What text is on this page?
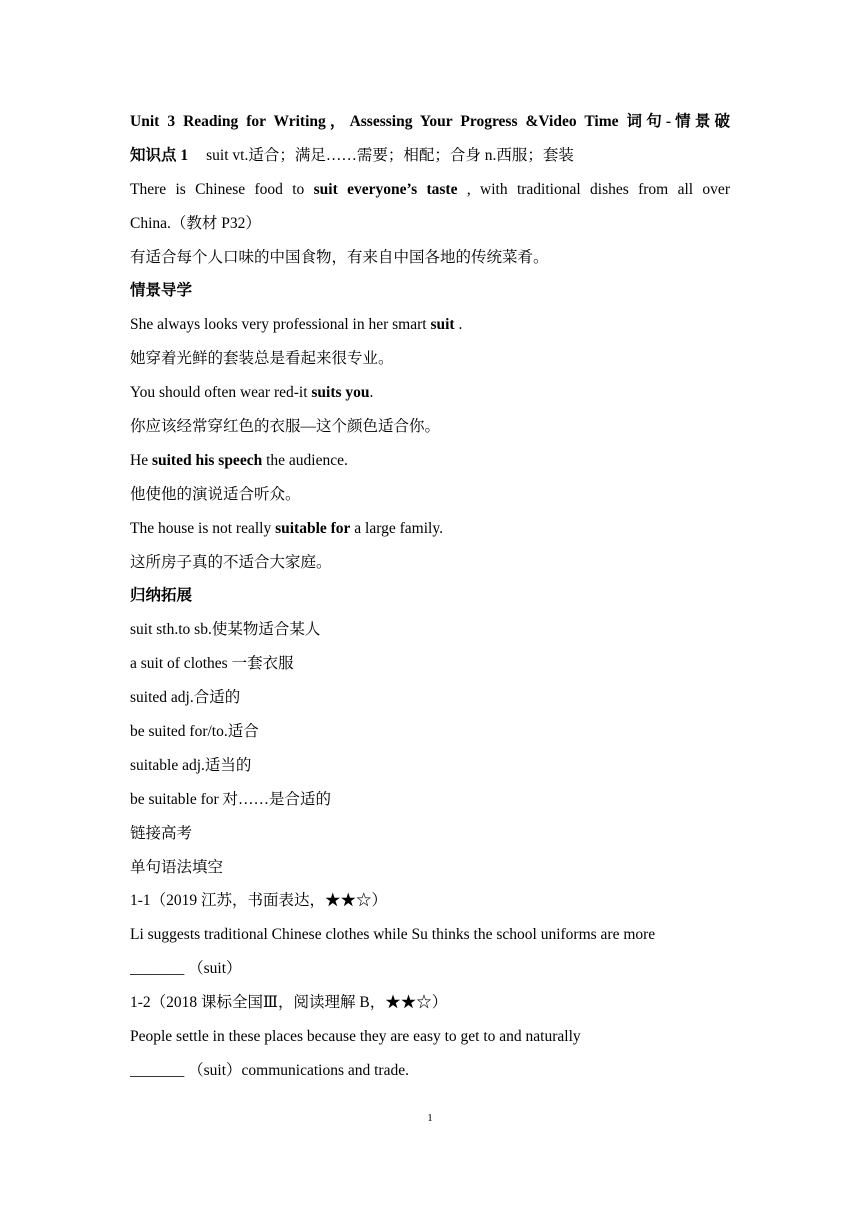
Unit 3 Reading for Writing，Assessing Your Progress &Video Time 词句-情景破
知识点 1 suit vt.适合；满足……需要；相配；合身 n.西服；套装
There is Chinese food to suit everyone’s taste , with traditional dishes from all over
China.（教材 P32）
有适合每个人口味的中国食物，有来自中国各地的传统菜肴。
情景导学
She always looks very professional in her smart suit .
她穿着光鲜的套装总是看起来很专业。
You should often wear red-it suits you.
你应该经常穿红色的衣服—这个颜色适合你。
He suited his speech the audience.
他使他的演说适合听众。
The house is not really suitable for a large family.
这所房子真的不适合大家庭。
归纳拓展
suit sth.to sb.使某物适合某人
a suit of clothes 一套衣服
suited adj.合适的
be suited for/to.适合
suitable adj.适当的
be suitable for 对……是合适的
链接高考
单句语法填空
1-1（2019 江苏，书面表达，★★☆）
Li suggests traditional Chinese clothes while Su thinks the school uniforms are more
_______ （suit）
1-2（2018 课标全国Ⅲ，阅读理解 B，★★☆）
People settle in these places because they are easy to get to and naturally
_______ （suit）communications and trade.
1
